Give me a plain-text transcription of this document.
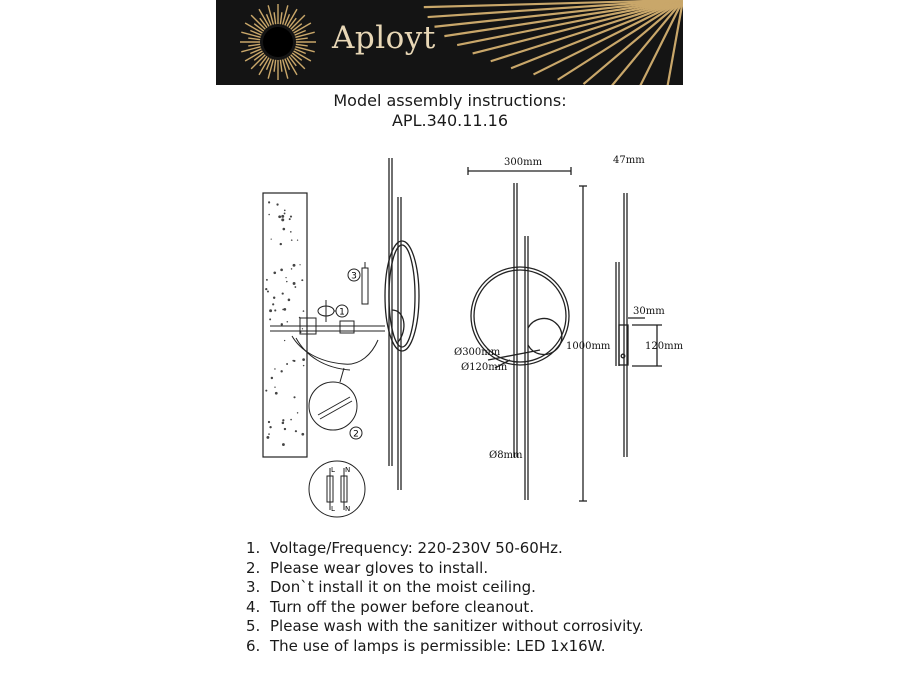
Aployt
Model assembly instructions:
APL.340.11.16
1
2
3
L N
L N
300mm
Ø300mm
Ø120mm
1000mm
Ø8mm
47mm
30mm
120mm
1. Voltage/Frequency: 220-230V 50-60Hz.
2. Please wear gloves to install.
3. Don`t install it on the moist ceiling.
4. Turn off the power before cleanout.
5. Please wash with the sanitizer without corrosivity.
6. The use of lamps is permissible: LED 1x16W.
